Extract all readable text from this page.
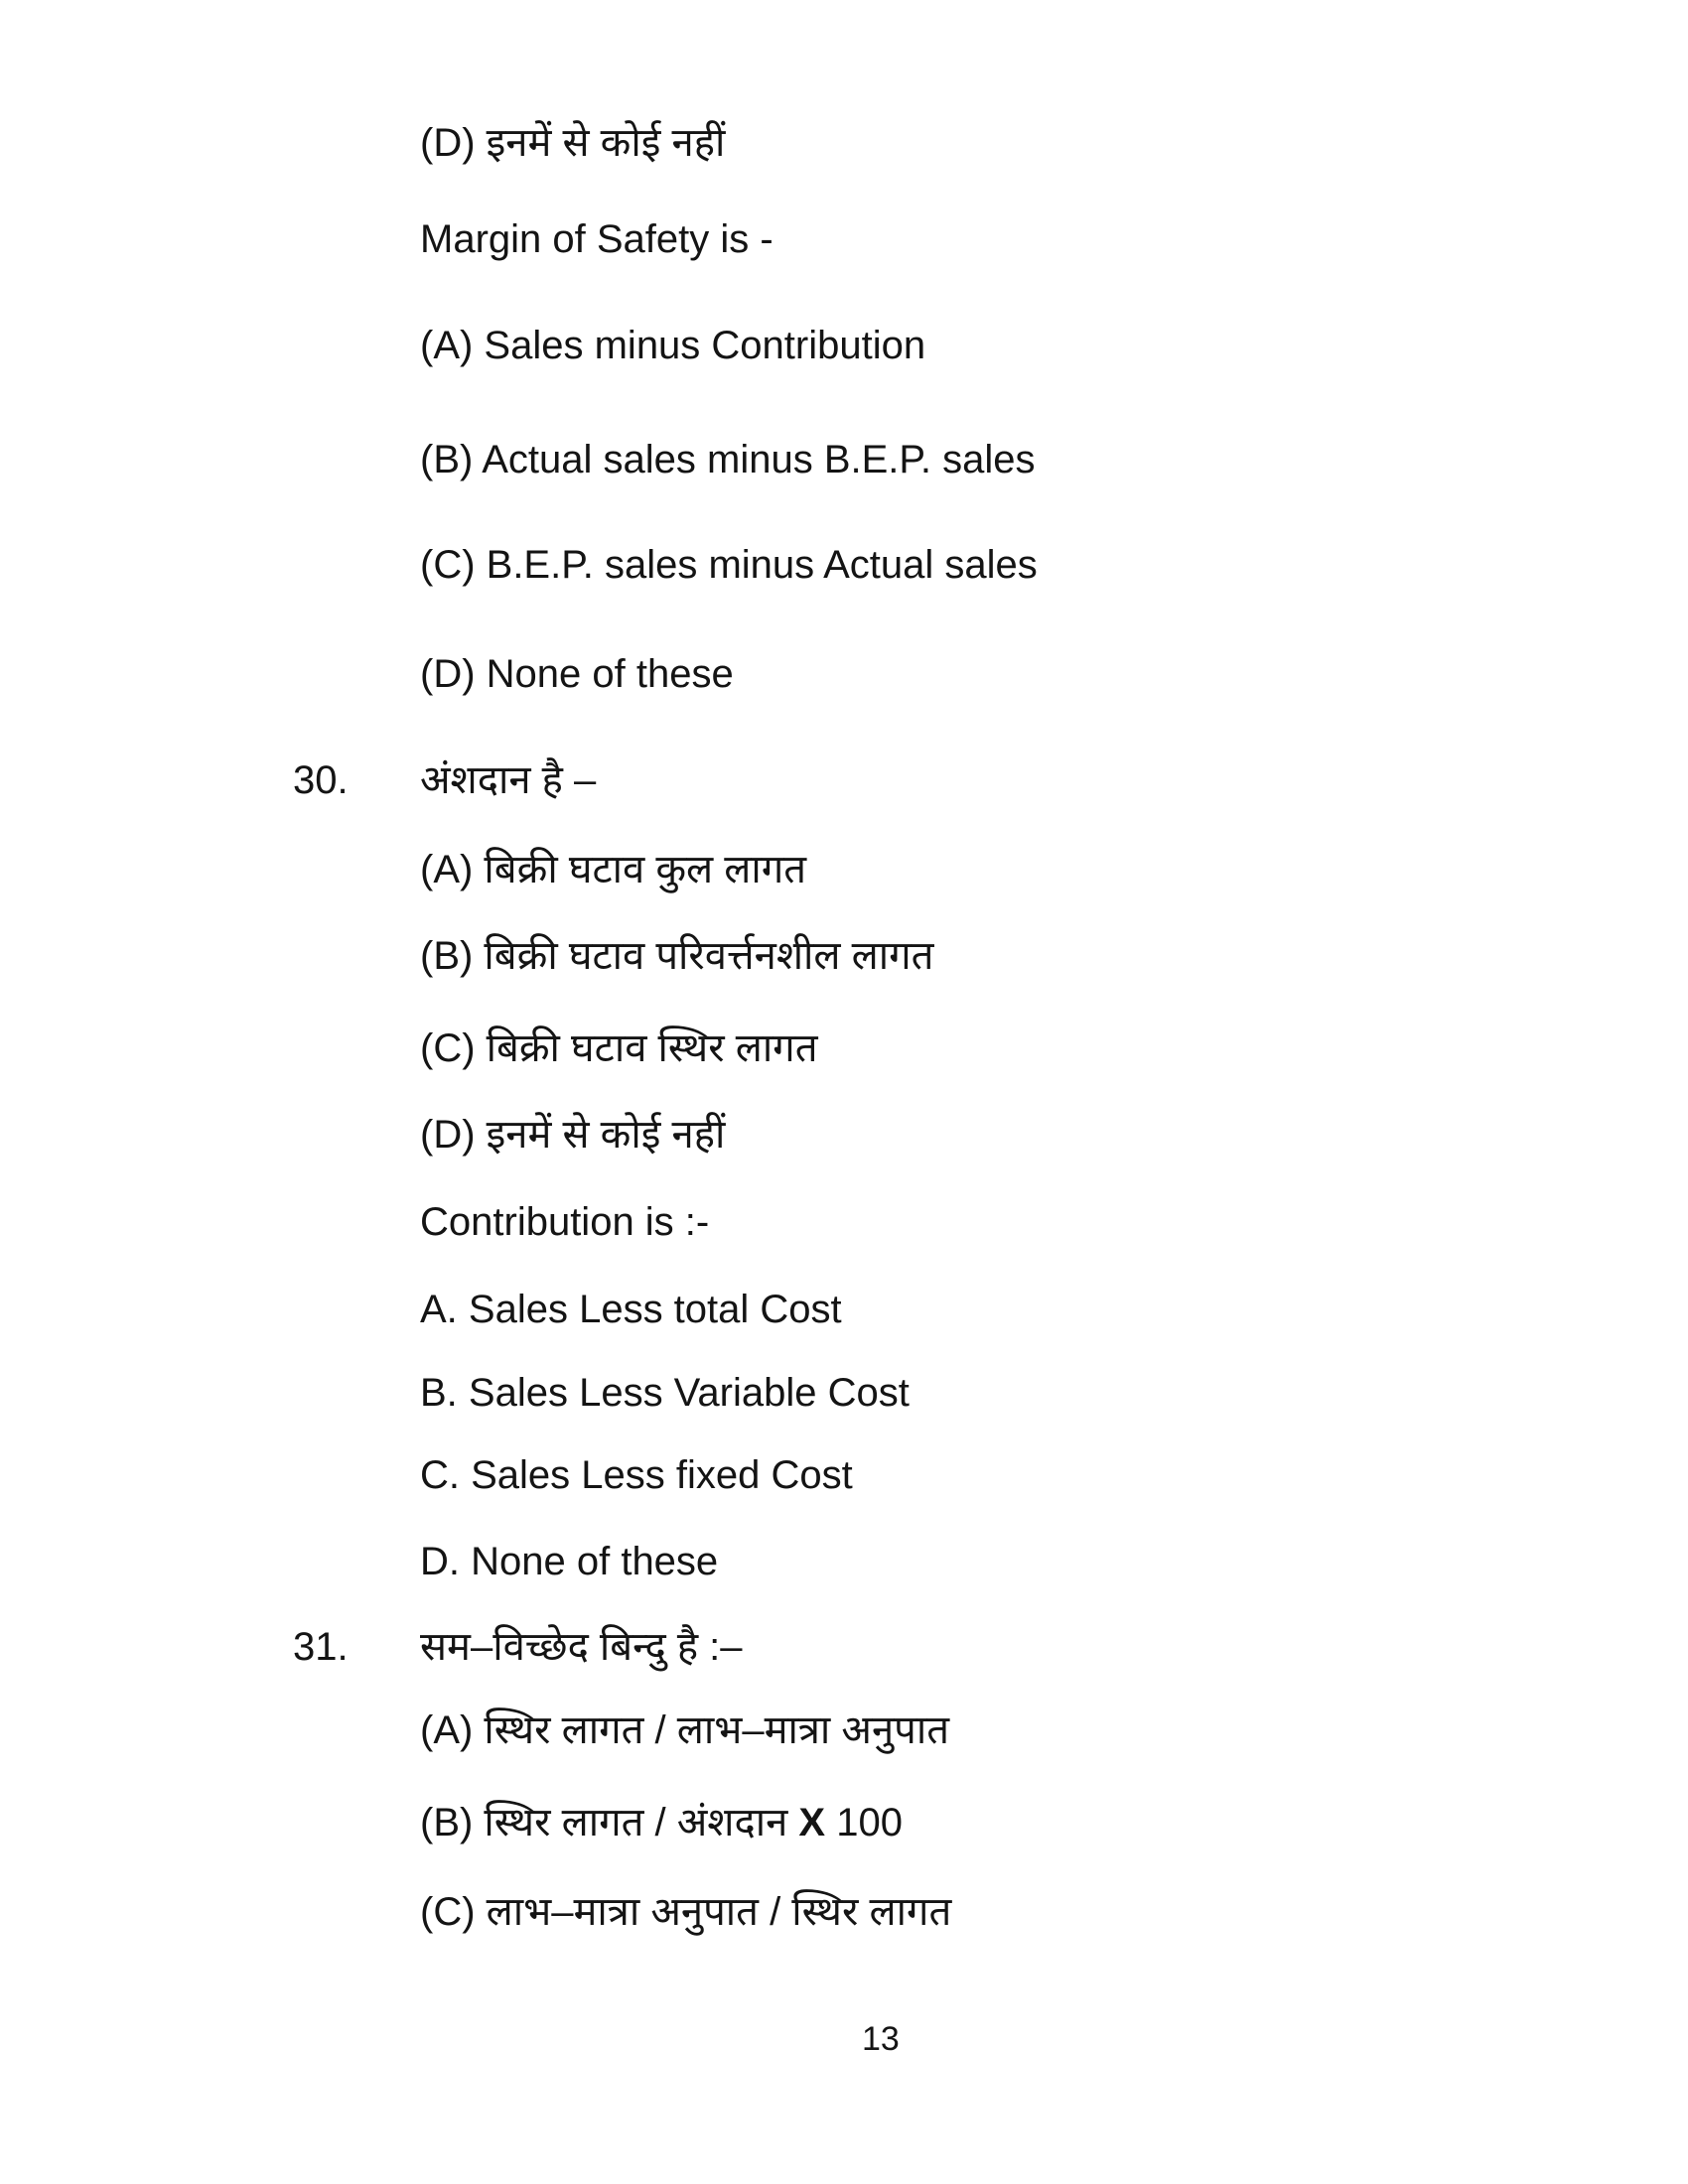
(D) इनमें से कोई नहीं
Margin of Safety is -
(A) Sales minus Contribution
(B) Actual sales minus B.E.P. sales
(C) B.E.P. sales minus Actual sales
(D) None of these
30. अंशदान है –
(A) बिक्री घटाव कुल लागत
(B) बिक्री घटाव परिवर्त्तनशील लागत
(C) बिक्री घटाव स्थिर लागत
(D) इनमें से कोई नहीं
Contribution is :-
A. Sales Less total Cost
B. Sales Less Variable Cost
C. Sales Less fixed Cost
D. None of these
31. सम–विच्छेद बिन्दु है :–
(A) स्थिर लागत / लाभ–मात्रा अनुपात
(B) स्थिर लागत / अंशदान X 100
(C) लाभ–मात्रा अनुपात / स्थिर लागत
13
